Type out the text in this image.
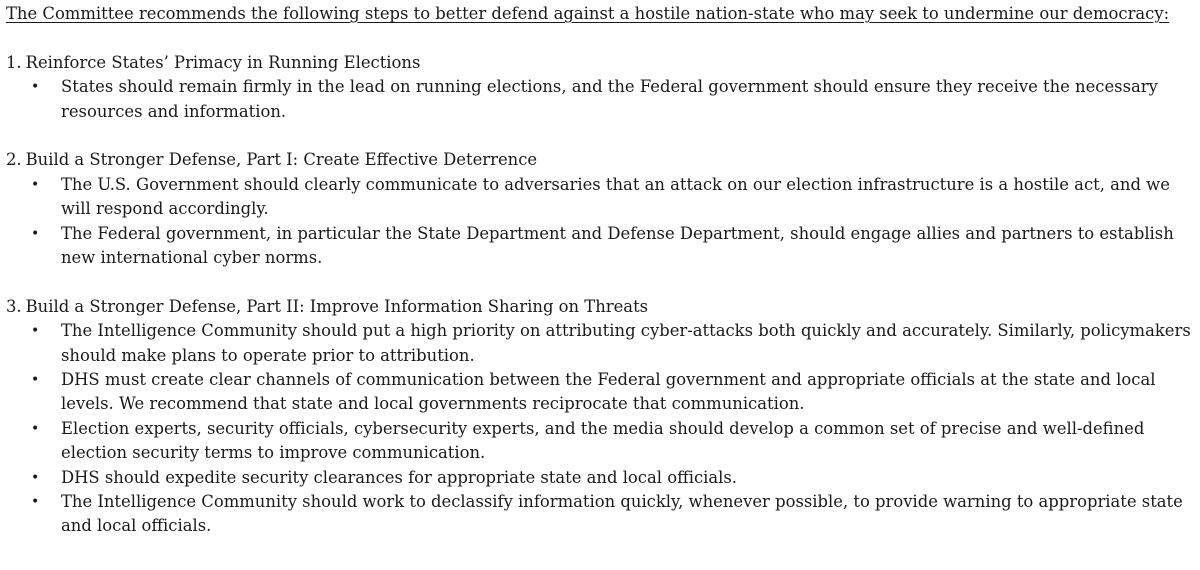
The Committee recommends the following steps to better defend against a hostile nation-state who may seek to undermine our democracy:

1. Reinforce States’ Primacy in Running Elections

• States should remain firmly in the lead on running elections, and the Federal government should ensure they receive the necessary resources and information.

2. Build a Stronger Defense, Part I: Create Effective Deterrence

• The U.S. Government should clearly communicate to adversaries that an attack on our election infrastructure is a hostile act, and we will respond accordingly.
• The Federal government, in particular the State Department and Defense Department, should engage allies and partners to establish new international cyber norms.

3. Build a Stronger Defense, Part II: Improve Information Sharing on Threats

• The Intelligence Community should put a high priority on attributing cyber-attacks both quickly and accurately. Similarly, policymakers should make plans to operate prior to attribution.
• DHS must create clear channels of communication between the Federal government and appropriate officials at the state and local levels. We recommend that state and local governments reciprocate that communication.
• Election experts, security officials, cybersecurity experts, and the media should develop a common set of precise and well-defined election security terms to improve communication.
• DHS should expedite security clearances for appropriate state and local officials.
• The Intelligence Community should work to declassify information quickly, whenever possible, to provide warning to appropriate state and local officials.
